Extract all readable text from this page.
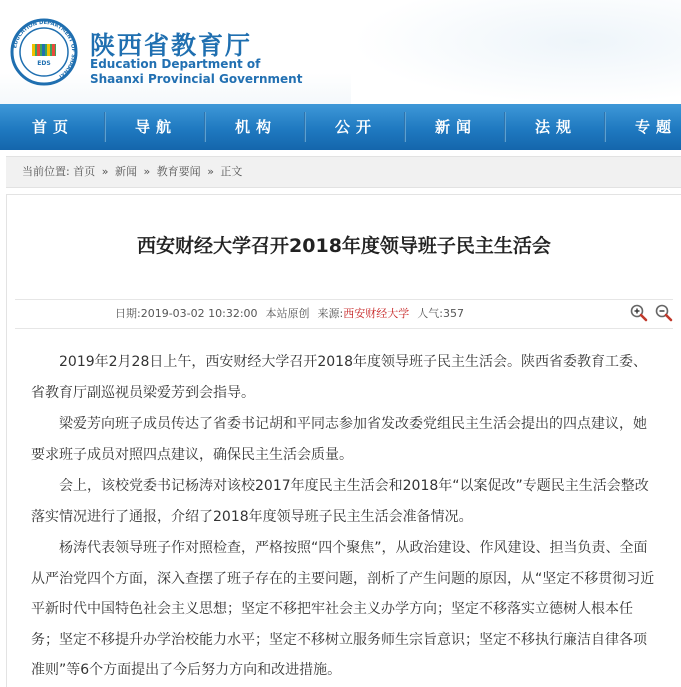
EDUCATION DEPARTMENT OF SHAANXI
EDS
陕西省教育厅
Education Department of
Shaanxi Provincial Government
首页	导航	机构	公开	新闻	法规	专题
当前位置: 首页 » 新闻 » 教育要闻 » 正文
西安财经大学召开2018年度领导班子民主生活会
日期:2019-03-02 10:32:00 本站原创 来源:西安财经大学 人气:357

2019年2月28日上午，西安财经大学召开2018年度领导班子民主生活会。陕西省委教育工委、省教育厅副巡视员梁爱芳到会指导。

梁爱芳向班子成员传达了省委书记胡和平同志参加省发改委党组民主生活会提出的四点建议，她要求班子成员对照四点建议，确保民主生活会质量。

会上，该校党委书记杨涛对该校2017年度民主生活会和2018年“以案促改”专题民主生活会整改落实情况进行了通报，介绍了2018年度领导班子民主生活会准备情况。

杨涛代表领导班子作对照检查，严格按照“四个聚焦”，从政治建设、作风建设、担当负责、全面从严治党四个方面，深入查摆了班子存在的主要问题，剖析了产生问题的原因，从“坚定不移贯彻习近平新时代中国特色社会主义思想；坚定不移把牢社会主义办学方向；坚定不移落实立德树人根本任务；坚定不移提升办学治校能力水平；坚定不移树立服务师生宗旨意识；坚定不移执行廉洁自律各项准则”等6个方面提出了今后努力方向和改进措施。
